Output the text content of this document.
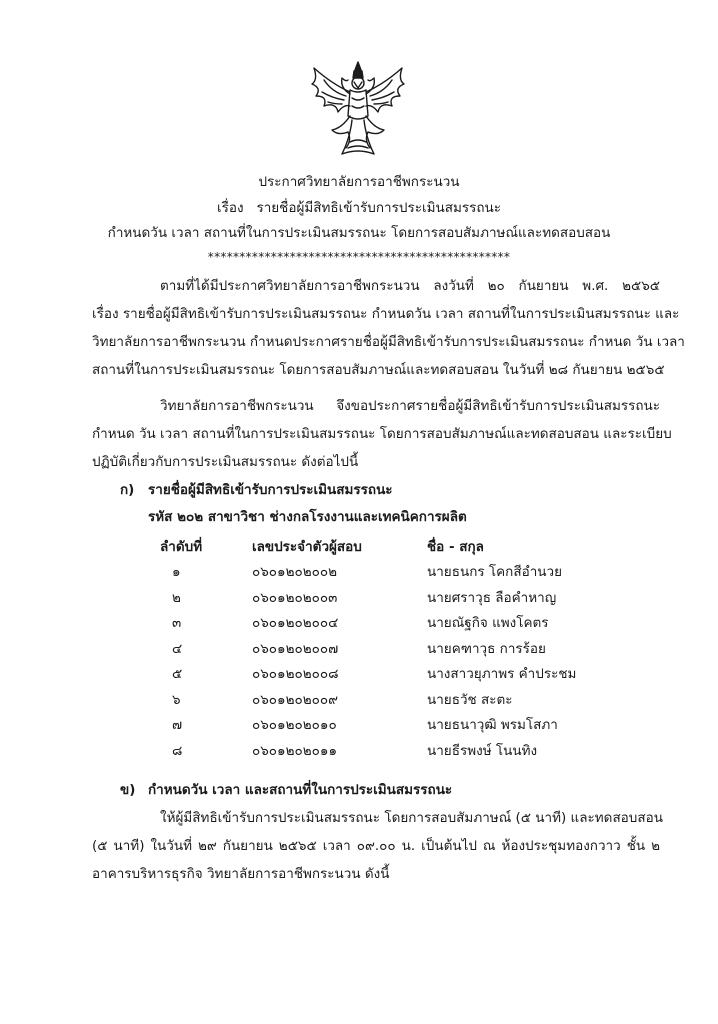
ประกาศวิทยาลัยการอาชีพกระนวน
เรื่อง รายชื่อผู้มีสิทธิเข้ารับการประเมินสมรรถนะ
กำหนดวัน เวลา สถานที่ในการประเมินสมรรถนะ โดยการสอบสัมภาษณ์และทดสอบสอน
************************************************
ตามที่ได้มีประกาศวิทยาลัยการอาชีพกระนวน ลงวันที่ ๒๐ กันยายน พ.ศ. ๒๕๖๕
เรื่อง รายชื่อผู้มีสิทธิเข้ารับการประเมินสมรรถนะ กำหนดวัน เวลา สถานที่ในการประเมินสมรรถนะ และ
วิทยาลัยการอาชีพกระนวน กำหนดประกาศรายชื่อผู้มีสิทธิเข้ารับการประเมินสมรรถนะ กำหนด วัน เวลา
สถานที่ในการประเมินสมรรถนะ โดยการสอบสัมภาษณ์และทดสอบสอน ในวันที่ ๒๘ กันยายน ๒๕๖๕
วิทยาลัยการอาชีพกระนวน จึงขอประกาศรายชื่อผู้มีสิทธิเข้ารับการประเมินสมรรถนะ
กำหนด วัน เวลา สถานที่ในการประเมินสมรรถนะ โดยการสอบสัมภาษณ์และทดสอบสอน และระเบียบ
ปฏิบัติเกี่ยวกับการประเมินสมรรถนะ ดังต่อไปนี้
ก) รายชื่อผู้มีสิทธิเข้ารับการประเมินสมรรถนะ
รหัส ๒๐๒ สาขาวิชา ช่างกลโรงงานและเทคนิคการผลิต
ลำดับที่	เลขประจำตัวผู้สอบ	ชื่อ - สกุล
๑	๐๖๐๑๒๐๒๐๐๒	นายธนกร โคกสีอำนวย
๒	๐๖๐๑๒๐๒๐๐๓	นายศราวุธ ลือคำหาญ
๓	๐๖๐๑๒๐๒๐๐๔	นายณัฐกิจ แพงโคตร
๔	๐๖๐๑๒๐๒๐๐๗	นายคฑาวุธ การร้อย
๕	๐๖๐๑๒๐๒๐๐๘	นางสาวยุภาพร คำประชม
๖	๐๖๐๑๒๐๒๐๐๙	นายธวัช สะตะ
๗	๐๖๐๑๒๐๒๐๑๐	นายธนาวุฒิ พรมโสภา
๘	๐๖๐๑๒๐๒๐๑๑	นายธีรพงษ์ โนนทิง
ข) กำหนดวัน เวลา และสถานที่ในการประเมินสมรรถนะ
ให้ผู้มีสิทธิเข้ารับการประเมินสมรรถนะ โดยการสอบสัมภาษณ์ (๕ นาที) และทดสอบสอน
(๕ นาที) ในวันที่ ๒๙ กันยายน ๒๕๖๕ เวลา ๐๙.๐๐ น. เป็นต้นไป ณ ห้องประชุมทองกวาว ชั้น ๒
อาคารบริหารธุรกิจ วิทยาลัยการอาชีพกระนวน ดังนี้
